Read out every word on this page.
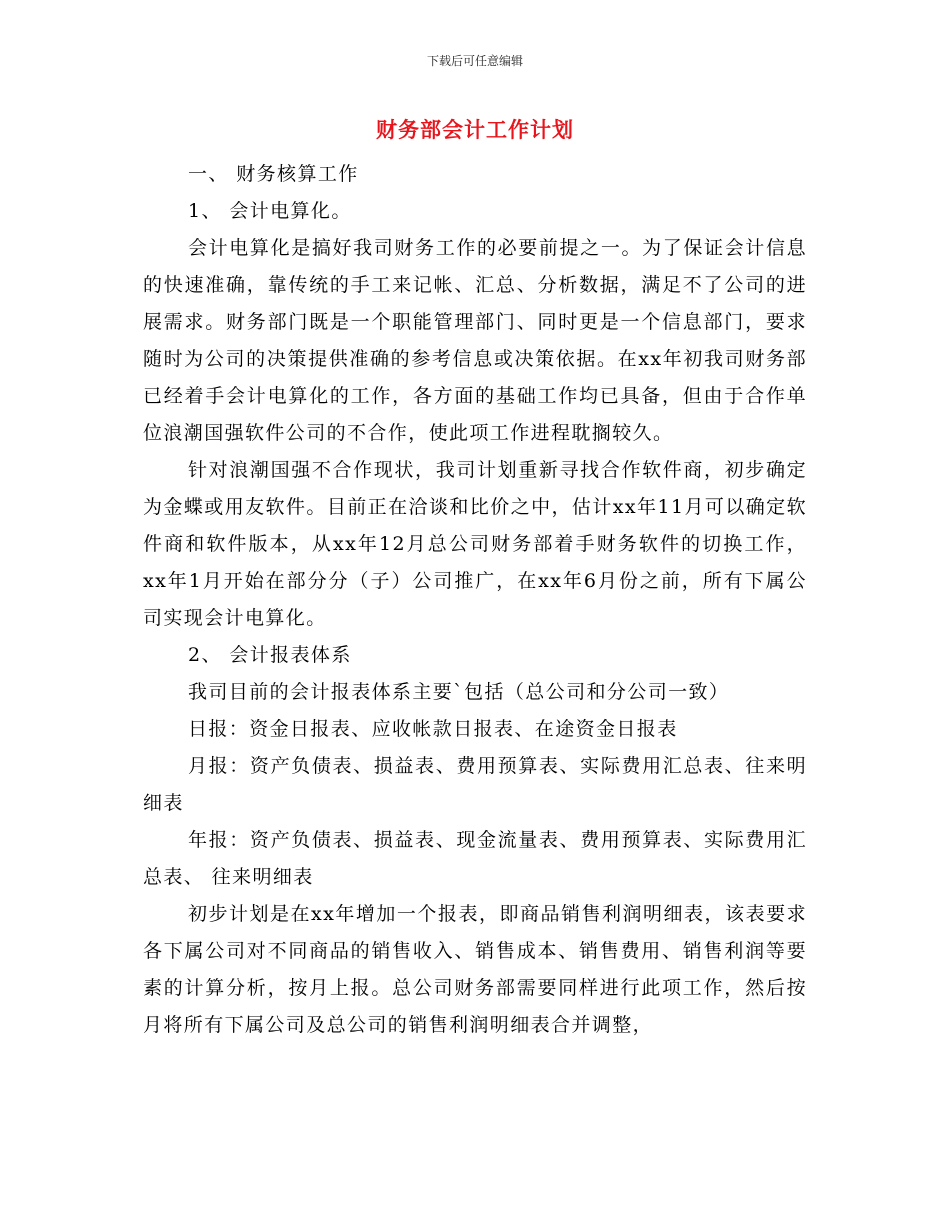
下载后可任意编辑
财务部会计工作计划

一、 财务核算工作

1、 会计电算化。

会计电算化是搞好我司财务工作的必要前提之一。为了保证会计信息的快速准确，靠传统的手工来记帐、汇总、分析数据，满足不了公司的进展需求。财务部门既是一个职能管理部门、同时更是一个信息部门，要求随时为公司的决策提供准确的参考信息或决策依据。在xx年初我司财务部已经着手会计电算化的工作，各方面的基础工作均已具备，但由于合作单位浪潮国强软件公司的不合作，使此项工作进程耽搁较久。

针对浪潮国强不合作现状，我司计划重新寻找合作软件商，初步确定为金蝶或用友软件。目前正在洽谈和比价之中，估计xx年11月可以确定软件商和软件版本，从xx年12月总公司财务部着手财务软件的切换工作，xx年1月开始在部分分（子）公司推广，在xx年6月份之前，所有下属公司实现会计电算化。

2、 会计报表体系

我司目前的会计报表体系主要`包括（总公司和分公司一致）

日报：资金日报表、应收帐款日报表、在途资金日报表

月报：资产负债表、损益表、费用预算表、实际费用汇总表、往来明细表

年报：资产负债表、损益表、现金流量表、费用预算表、实际费用汇总表、 往来明细表

初步计划是在xx年增加一个报表，即商品销售利润明细表，该表要求各下属公司对不同商品的销售收入、销售成本、销售费用、销售利润等要素的计算分析，按月上报。总公司财务部需要同样进行此项工作，然后按月将所有下属公司及总公司的销售利润明细表合并调整，
